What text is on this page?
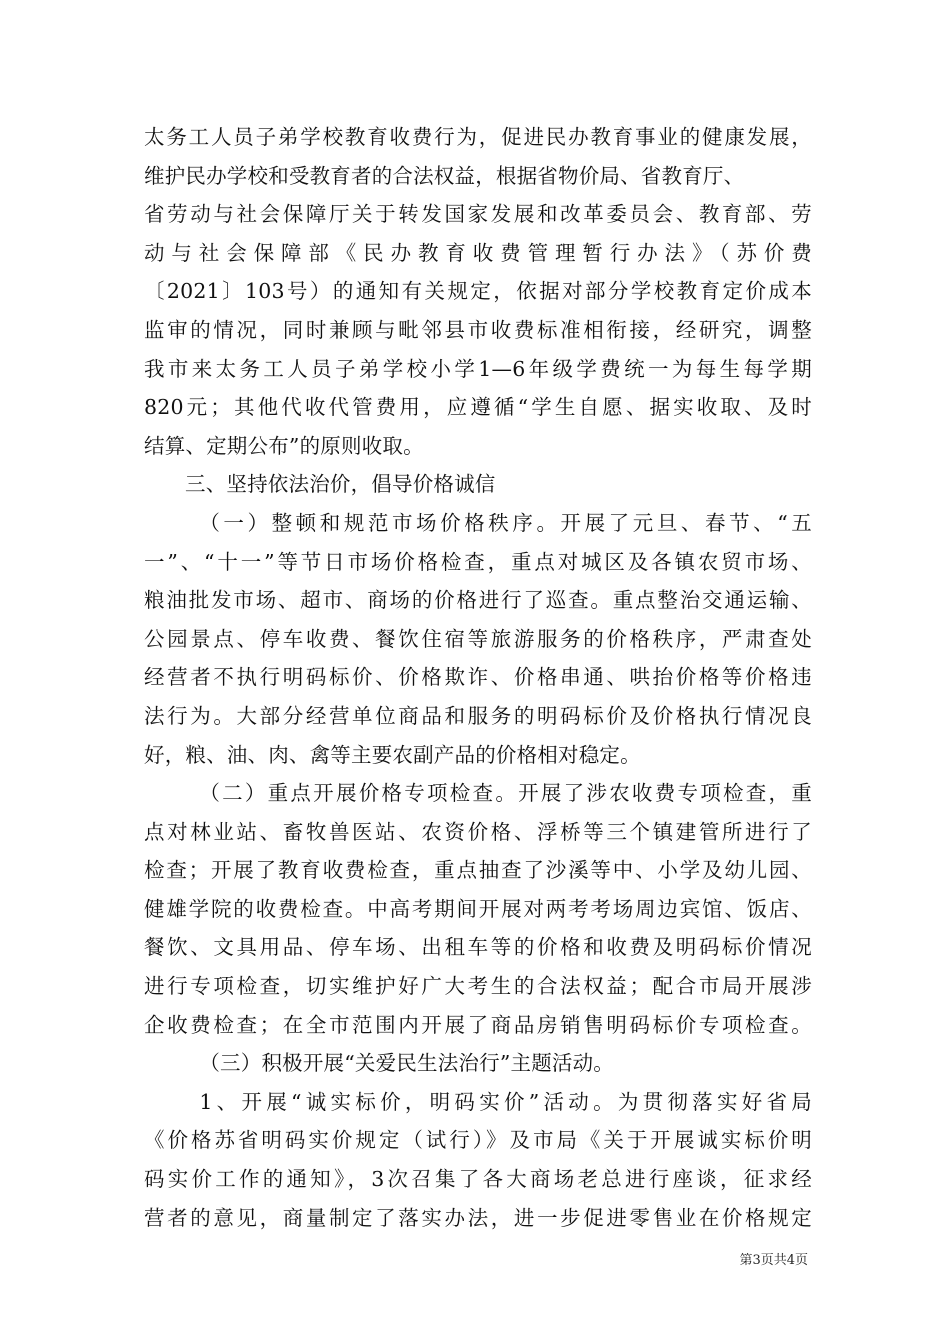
太务工人员子弟学校教育收费行为，促进民办教育事业的健康发展，
维护民办学校和受教育者的合法权益，根据省物价局、省教育厅、
省劳动与社会保障厅关于转发国家发展和改革委员会、教育部、劳
动与社会保障部《民办教育收费管理暂行办法》（苏价费
〔2021〕103号）的通知有关规定，依据对部分学校教育定价成本
监审的情况，同时兼顾与毗邻县市收费标准相衔接，经研究，调整
我市来太务工人员子弟学校小学1—6年级学费统一为每生每学期
820元；其他代收代管费用，应遵循“学生自愿、据实收取、及时
结算、定期公布”的原则收取。
三、坚持依法治价，倡导价格诚信
（一）整顿和规范市场价格秩序。开展了元旦、春节、“五
一”、“十一”等节日市场价格检查，重点对城区及各镇农贸市场、
粮油批发市场、超市、商场的价格进行了巡查。重点整治交通运输、
公园景点、停车收费、餐饮住宿等旅游服务的价格秩序，严肃查处
经营者不执行明码标价、价格欺诈、价格串通、哄抬价格等价格违
法行为。大部分经营单位商品和服务的明码标价及价格执行情况良
好，粮、油、肉、禽等主要农副产品的价格相对稳定。
（二）重点开展价格专项检查。开展了涉农收费专项检查，重
点对林业站、畜牧兽医站、农资价格、浮桥等三个镇建管所进行了
检查；开展了教育收费检查，重点抽查了沙溪等中、小学及幼儿园、
健雄学院的收费检查。中高考期间开展对两考考场周边宾馆、饭店、
餐饮、文具用品、停车场、出租车等的价格和收费及明码标价情况
进行专项检查，切实维护好广大考生的合法权益；配合市局开展涉
企收费检查；在全市范围内开展了商品房销售明码标价专项检查。
（三）积极开展“关爱民生法治行”主题活动。
1、开展“诚实标价，明码实价”活动。为贯彻落实好省局
《价格苏省明码实价规定（试行）》及市局《关于开展诚实标价明
码实价工作的通知》，3次召集了各大商场老总进行座谈，征求经
营者的意见，商量制定了落实办法，进一步促进零售业在价格规定
第3页共4页
